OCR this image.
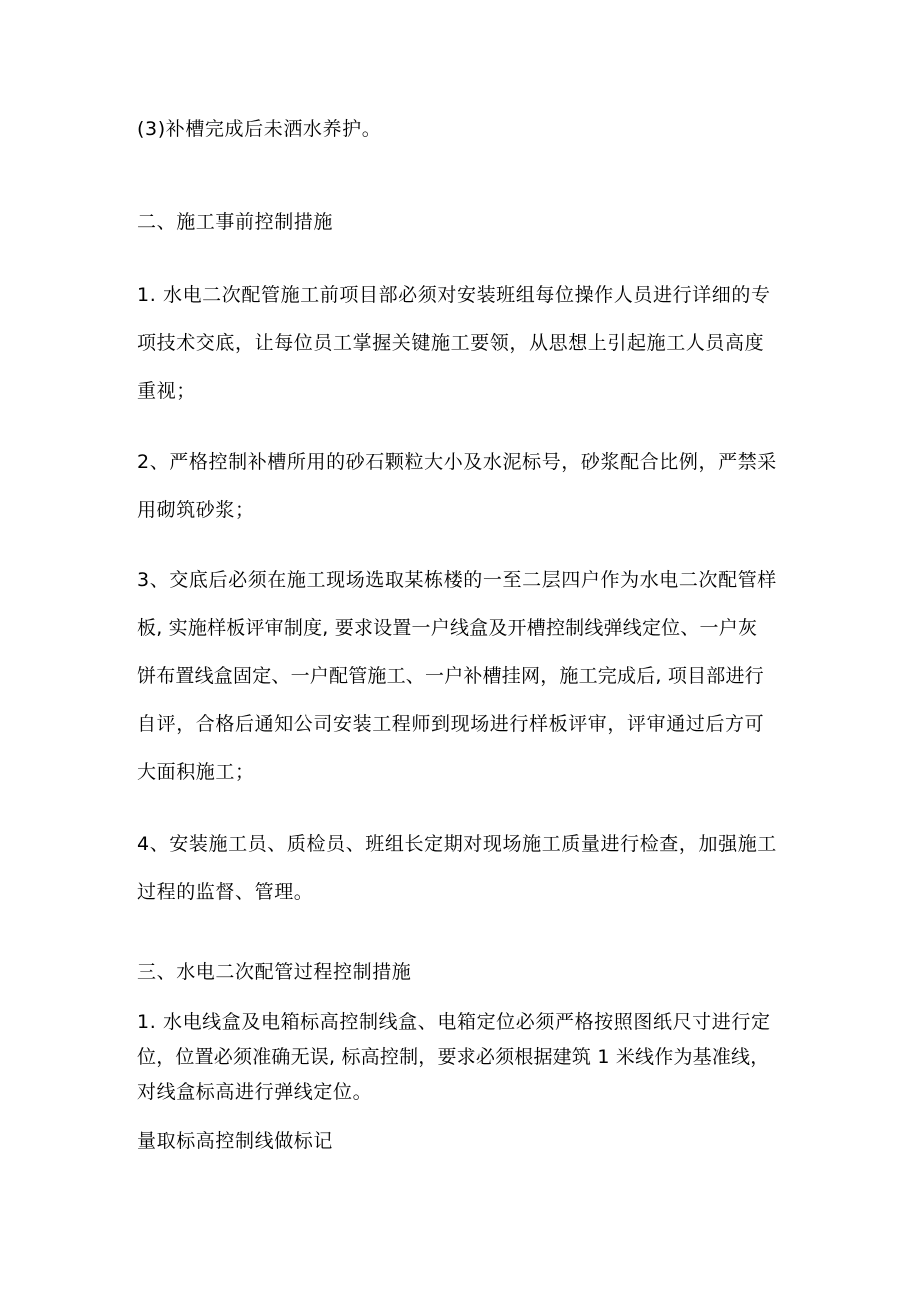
(3)补槽完成后未洒水养护。
二、施工事前控制措施
1. 水电二次配管施工前项目部必须对安装班组每位操作人员进行详细的专
项技术交底，让每位员工掌握关键施工要领，从思想上引起施工人员高度
重视；
2、严格控制补槽所用的砂石颗粒大小及水泥标号，砂浆配合比例，严禁采
用砌筑砂浆；
3、交底后必须在施工现场选取某栋楼的一至二层四户作为水电二次配管样
板, 实施样板评审制度, 要求设置一户线盒及开槽控制线弹线定位、一户灰
饼布置线盒固定、一户配管施工、一户补槽挂网，施工完成后, 项目部进行
自评，合格后通知公司安装工程师到现场进行样板评审，评审通过后方可
大面积施工；
4、安装施工员、质检员、班组长定期对现场施工质量进行检查，加强施工
过程的监督、管理。
三、水电二次配管过程控制措施
1. 水电线盒及电箱标高控制线盒、电箱定位必须严格按照图纸尺寸进行定
位，位置必须准确无误, 标高控制，要求必须根据建筑 1 米线作为基准线，
对线盒标高进行弹线定位。
量取标高控制线做标记
